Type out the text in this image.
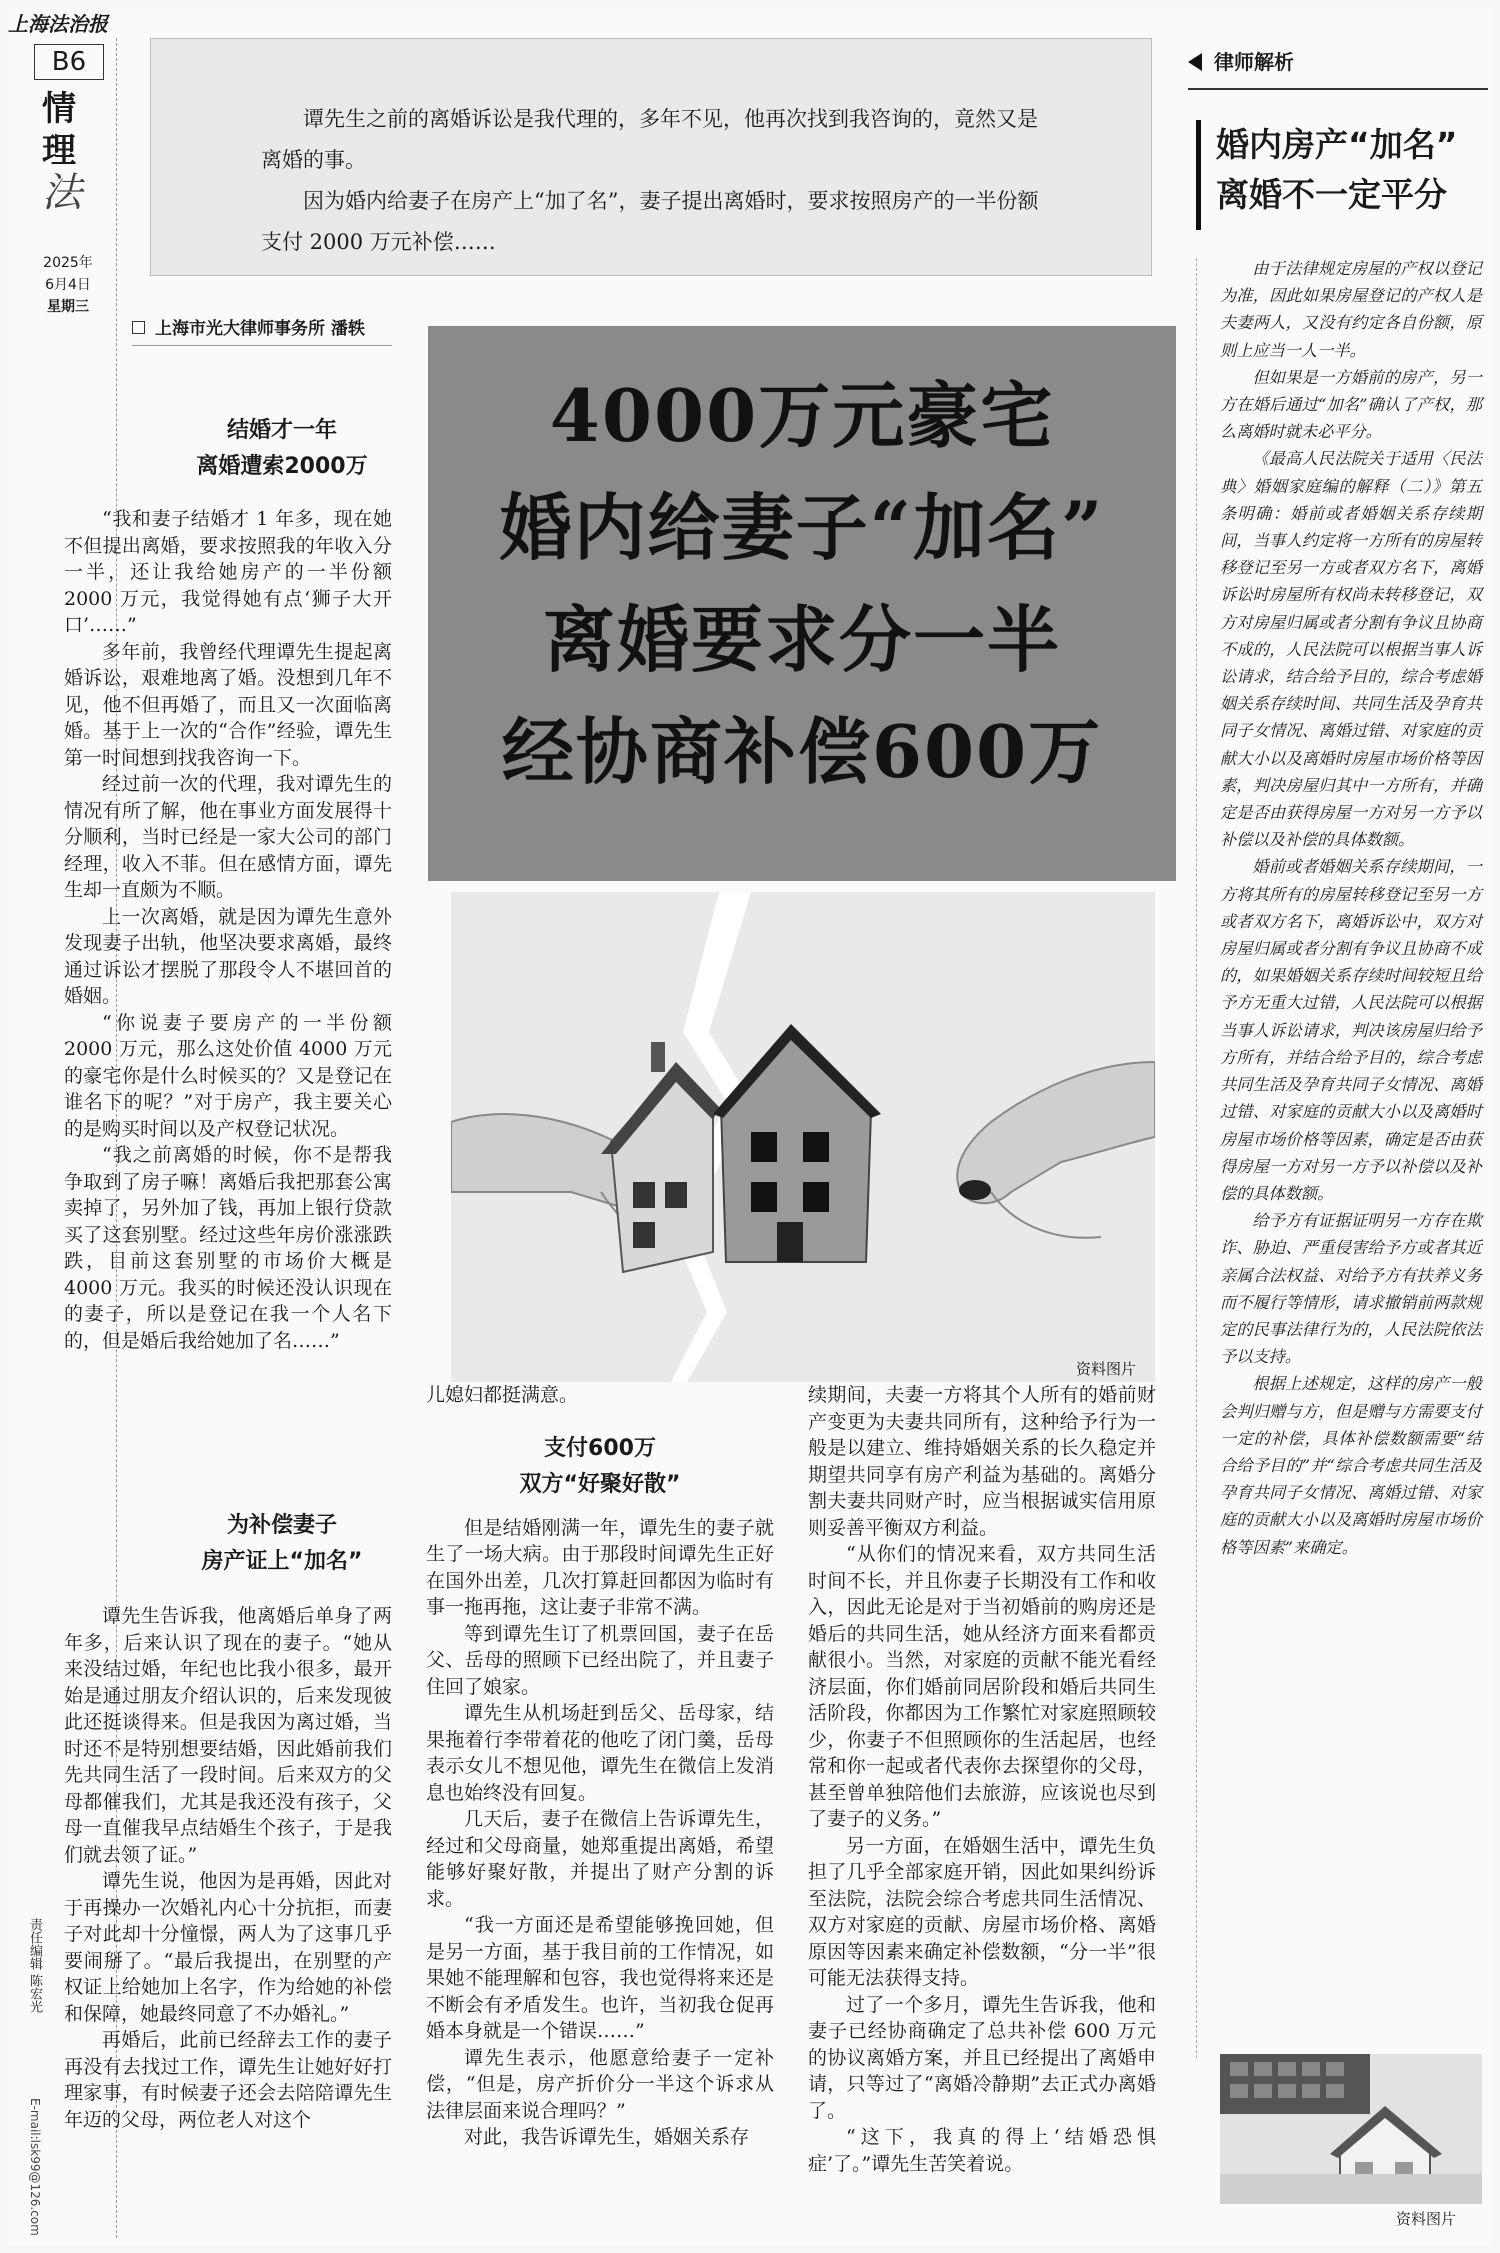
上海法治报
B6
情
理
法
2025年
6月4日
星期三
责任编辑 陈宏光
E-mail:lsk99@126.com

谭先生之前的离婚诉讼是我代理的，多年不见，他再次找到我咨询的，竟然又是离婚的事。

因为婚内给妻子在房产上“加了名”，妻子提出离婚时，要求按照房产的一半份额支付 2000 万元补偿……

上海市光大律师事务所 潘轶
4000万元豪宅
婚内给妻子“加名”
离婚要求分一半
经协商补偿600万
资料图片
结婚才一年
离婚遭索2000万

“我和妻子结婚才 1 年多，现在她不但提出离婚，要求按照我的年收入分一半，还让我给她房产的一半份额 2000 万元，我觉得她有点‘狮子大开口’……”

多年前，我曾经代理谭先生提起离婚诉讼，艰难地离了婚。没想到几年不见，他不但再婚了，而且又一次面临离婚。基于上一次的“合作”经验，谭先生第一时间想到找我咨询一下。

经过前一次的代理，我对谭先生的情况有所了解，他在事业方面发展得十分顺利，当时已经是一家大公司的部门经理，收入不菲。但在感情方面，谭先生却一直颇为不顺。

上一次离婚，就是因为谭先生意外发现妻子出轨，他坚决要求离婚，最终通过诉讼才摆脱了那段令人不堪回首的婚姻。

“你说妻子要房产的一半份额 2000 万元，那么这处价值 4000 万元的豪宅你是什么时候买的？又是登记在谁名下的呢？”对于房产，我主要关心的是购买时间以及产权登记状况。

“我之前离婚的时候，你不是帮我争取到了房子嘛！离婚后我把那套公寓卖掉了，另外加了钱，再加上银行贷款买了这套别墅。经过这些年房价涨涨跌跌，目前这套别墅的市场价大概是 4000 万元。我买的时候还没认识现在的妻子，所以是登记在我一个人名下的，但是婚后我给她加了名……”

为补偿妻子
房产证上“加名”

谭先生告诉我，他离婚后单身了两年多，后来认识了现在的妻子。“她从来没结过婚，年纪也比我小很多，最开始是通过朋友介绍认识的，后来发现彼此还挺谈得来。但是我因为离过婚，当时还不是特别想要结婚，因此婚前我们先共同生活了一段时间。后来双方的父母都催我们，尤其是我还没有孩子，父母一直催我早点结婚生个孩子，于是我们就去领了证。”

谭先生说，他因为是再婚，因此对于再操办一次婚礼内心十分抗拒，而妻子对此却十分憧憬，两人为了这事几乎要闹掰了。“最后我提出，在别墅的产权证上给她加上名字，作为给她的补偿和保障，她最终同意了不办婚礼。”

再婚后，此前已经辞去工作的妻子再没有去找过工作，谭先生让她好好打理家事，有时候妻子还会去陪陪谭先生年迈的父母，两位老人对这个

儿媳妇都挺满意。
支付600万
双方“好聚好散”

但是结婚刚满一年，谭先生的妻子就生了一场大病。由于那段时间谭先生正好在国外出差，几次打算赶回都因为临时有事一拖再拖，这让妻子非常不满。

等到谭先生订了机票回国，妻子在岳父、岳母的照顾下已经出院了，并且妻子住回了娘家。

谭先生从机场赶到岳父、岳母家，结果拖着行李带着花的他吃了闭门羹，岳母表示女儿不想见他，谭先生在微信上发消息也始终没有回复。

几天后，妻子在微信上告诉谭先生，经过和父母商量，她郑重提出离婚，希望能够好聚好散，并提出了财产分割的诉求。

“我一方面还是希望能够挽回她，但是另一方面，基于我目前的工作情况，如果她不能理解和包容，我也觉得将来还是不断会有矛盾发生。也许，当初我仓促再婚本身就是一个错误……”

谭先生表示，他愿意给妻子一定补偿，“但是，房产折价分一半这个诉求从法律层面来说合理吗？”

对此，我告诉谭先生，婚姻关系存

续期间，夫妻一方将其个人所有的婚前财产变更为夫妻共同所有，这种给予行为一般是以建立、维持婚姻关系的长久稳定并期望共同享有房产利益为基础的。离婚分割夫妻共同财产时，应当根据诚实信用原则妥善平衡双方利益。

“从你们的情况来看，双方共同生活时间不长，并且你妻子长期没有工作和收入，因此无论是对于当初婚前的购房还是婚后的共同生活，她从经济方面来看都贡献很小。当然，对家庭的贡献不能光看经济层面，你们婚前同居阶段和婚后共同生活阶段，你都因为工作繁忙对家庭照顾较少，你妻子不但照顾你的生活起居，也经常和你一起或者代表你去探望你的父母，甚至曾单独陪他们去旅游，应该说也尽到了妻子的义务。”

另一方面，在婚姻生活中，谭先生负担了几乎全部家庭开销，因此如果纠纷诉至法院，法院会综合考虑共同生活情况、双方对家庭的贡献、房屋市场价格、离婚原因等因素来确定补偿数额，“分一半”很可能无法获得支持。

过了一个多月，谭先生告诉我，他和妻子已经协商确定了总共补偿 600 万元的协议离婚方案，并且已经提出了离婚申请，只等过了“离婚冷静期”去正式办离婚了。

“这下，我真的得上‘结婚恐惧症’了。”谭先生苦笑着说。

律师解析
婚内房产“加名”
离婚不一定平分

由于法律规定房屋的产权以登记为准，因此如果房屋登记的产权人是夫妻两人，又没有约定各自份额，原则上应当一人一半。

但如果是一方婚前的房产，另一方在婚后通过“加名”确认了产权，那么离婚时就未必平分。

《最高人民法院关于适用〈民法典〉婚姻家庭编的解释（二）》第五条明确：婚前或者婚姻关系存续期间，当事人约定将一方所有的房屋转移登记至另一方或者双方名下，离婚诉讼时房屋所有权尚未转移登记，双方对房屋归属或者分割有争议且协商不成的，人民法院可以根据当事人诉讼请求，结合给予目的，综合考虑婚姻关系存续时间、共同生活及孕育共同子女情况、离婚过错、对家庭的贡献大小以及离婚时房屋市场价格等因素，判决房屋归其中一方所有，并确定是否由获得房屋一方对另一方予以补偿以及补偿的具体数额。

婚前或者婚姻关系存续期间，一方将其所有的房屋转移登记至另一方或者双方名下，离婚诉讼中，双方对房屋归属或者分割有争议且协商不成的，如果婚姻关系存续时间较短且给予方无重大过错，人民法院可以根据当事人诉讼请求，判决该房屋归给予方所有，并结合给予目的，综合考虑共同生活及孕育共同子女情况、离婚过错、对家庭的贡献大小以及离婚时房屋市场价格等因素，确定是否由获得房屋一方对另一方予以补偿以及补偿的具体数额。

给予方有证据证明另一方存在欺诈、胁迫、严重侵害给予方或者其近亲属合法权益、对给予方有扶养义务而不履行等情形，请求撤销前两款规定的民事法律行为的，人民法院依法予以支持。

根据上述规定，这样的房产一般会判归赠与方，但是赠与方需要支付一定的补偿，具体补偿数额需要“结合给予目的”并“综合考虑共同生活及孕育共同子女情况、离婚过错、对家庭的贡献大小以及离婚时房屋市场价格等因素”来确定。

资料图片
